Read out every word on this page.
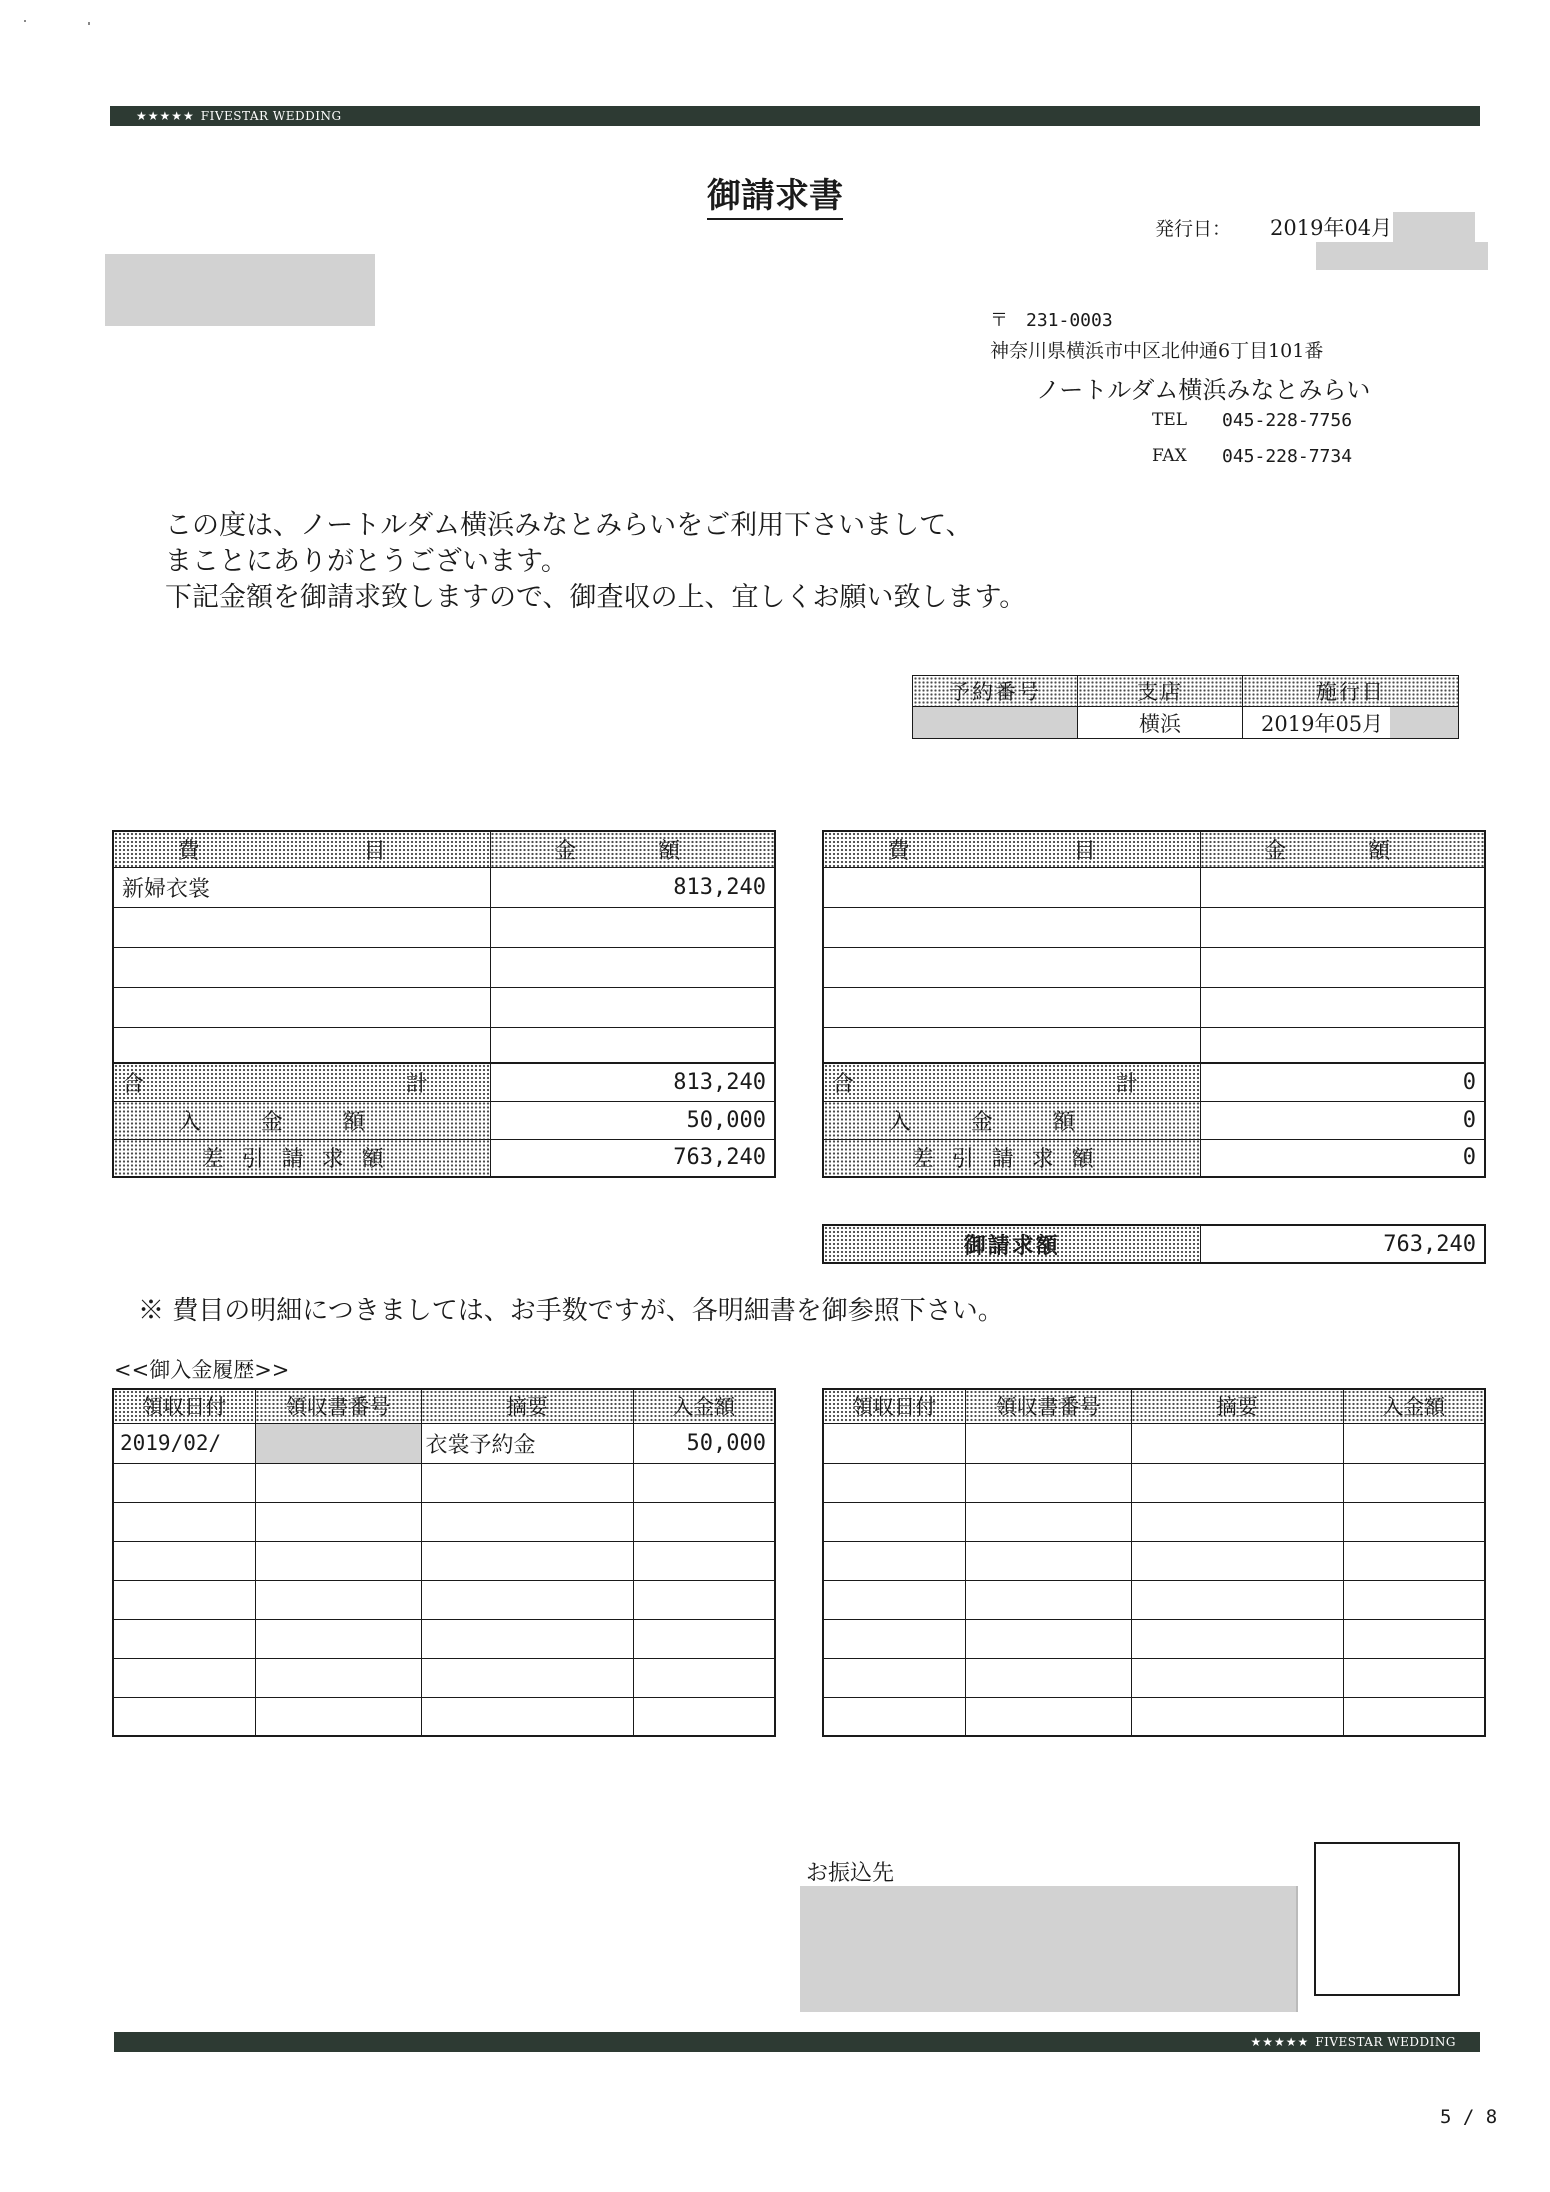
★★★★★ FIVESTAR WEDDING
御請求書
発行日： 2019年04月
〒　231-0003
神奈川県横浜市中区北仲通6丁目101番
ノートルダム横浜みなとみらい
TEL 045-228-7756
FAX 045-228-7734
この度は、ノートルダム横浜みなとみらいをご利用下さいまして、
まことにありがとうございます。
下記金額を御請求致しますので、御査収の上、宜しくお願い致します。
予約番号	支店	施行日
	横浜	2019年05月
費　　目	金　額
新婦衣裳	813,240

合　計	813,240
入金額	50,000
差引請求額	763,240
費　　目	金　額

合　計	0
入金額	0
差引請求額	0
御請求額	763,240
※ 費目の明細につきましては、お手数ですが、各明細書を御参照下さい。
<<御入金履歴>>
領収日付	領収書番号	摘要	入金額
2019/02/		衣裳予約金	50,000

領収日付	領収書番号	摘要	入金額

お振込先
★★★★★ FIVESTAR WEDDING
5 / 8
